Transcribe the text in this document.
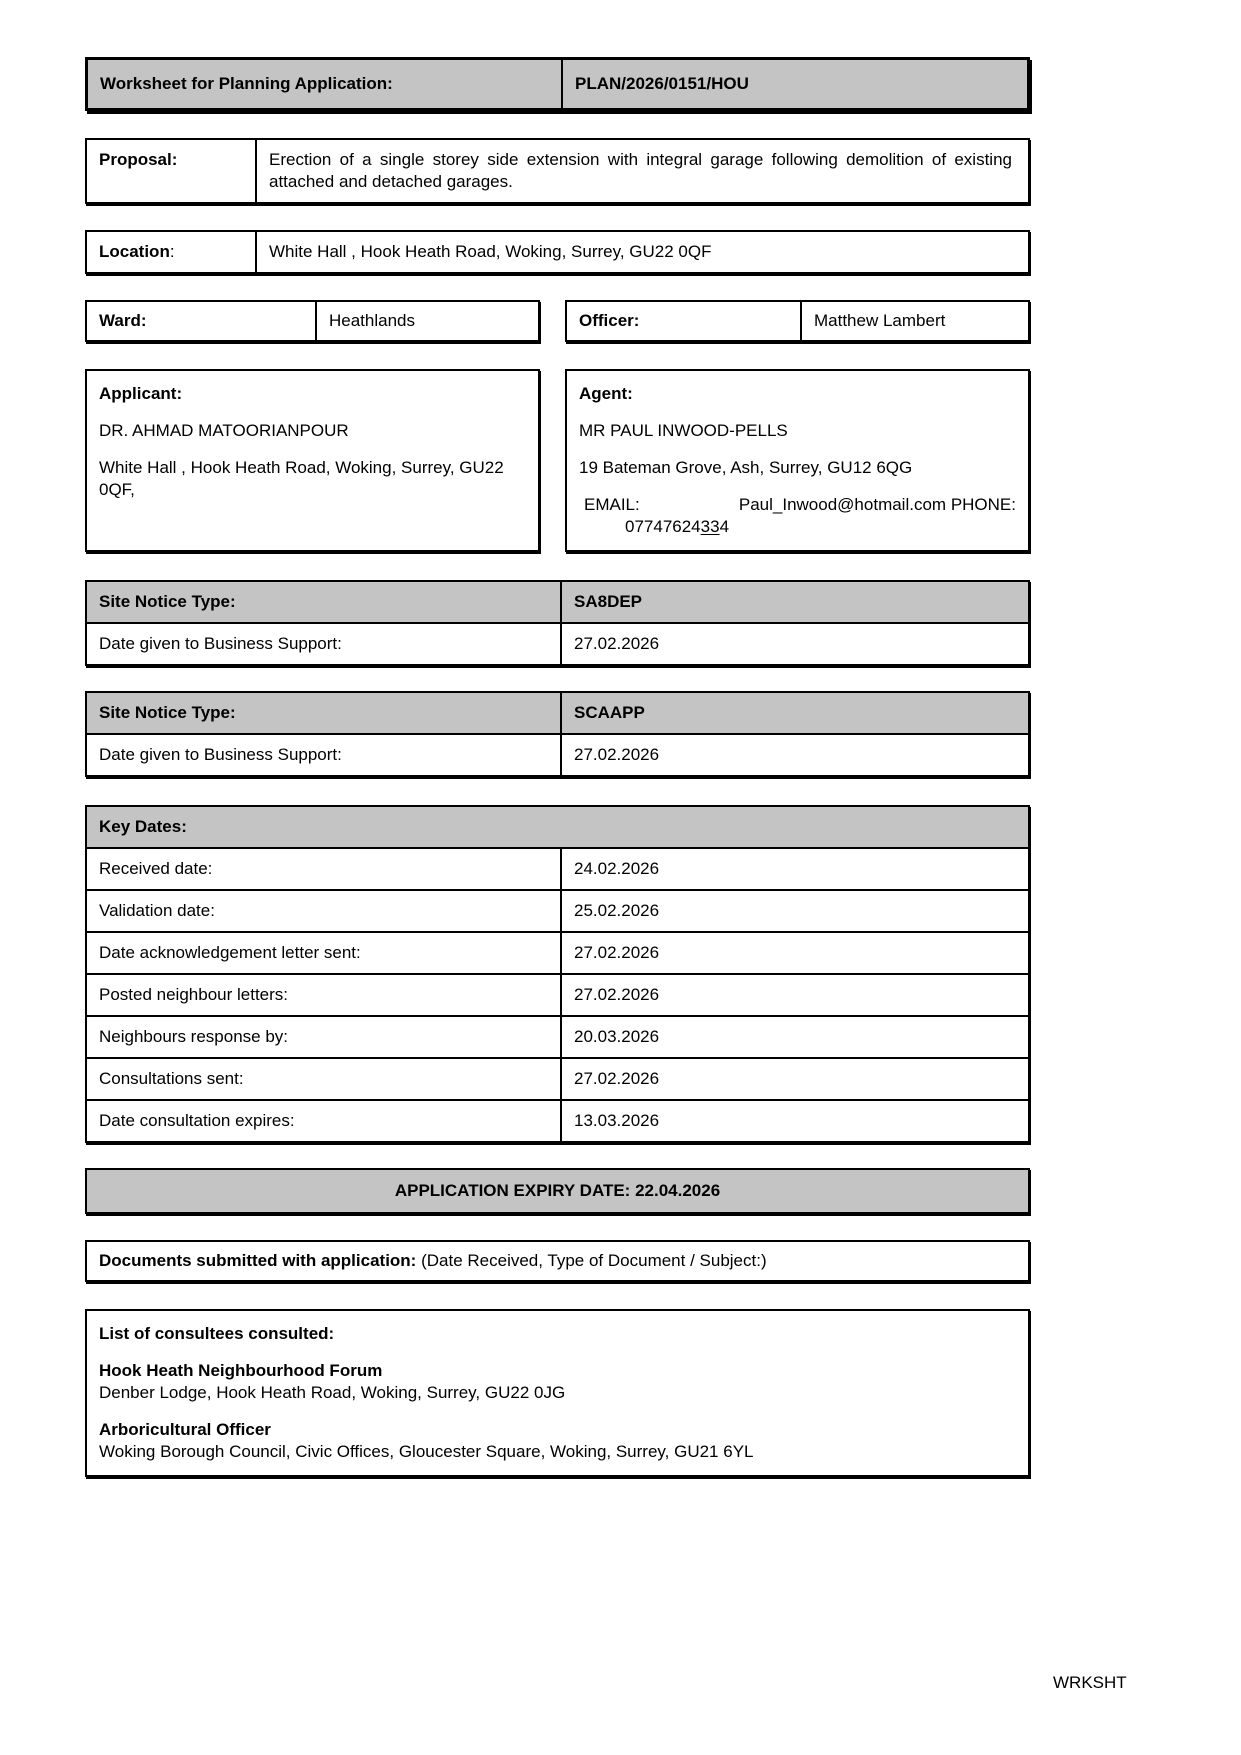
Worksheet for Planning Application:	PLAN/2026/0151/HOU
Proposal:	Erection of a single storey side extension with integral garage following demolition of existing attached and detached garages.
Location:	White Hall , Hook Heath Road, Woking, Surrey, GU22 0QF
Ward:	Heathlands	Officer:	Matthew Lambert
Applicant:
DR. AHMAD MATOORIANPOUR
White Hall , Hook Heath Road, Woking, Surrey, GU22 0QF,
Agent:
MR PAUL INWOOD-PELLS
19 Bateman Grove, Ash, Surrey, GU12 6QG
EMAIL:	Paul_Inwood@hotmail.com PHONE:
07747624334
Site Notice Type:	SA8DEP
Date given to Business Support:	27.02.2026
Site Notice Type:	SCAAPP
Date given to Business Support:	27.02.2026
Key Dates:
Received date:	24.02.2026
Validation date:	25.02.2026
Date acknowledgement letter sent:	27.02.2026
Posted neighbour letters:	27.02.2026
Neighbours response by:	20.03.2026
Consultations sent:	27.02.2026
Date consultation expires:	13.03.2026
APPLICATION EXPIRY DATE: 22.04.2026
Documents submitted with application: (Date Received, Type of Document / Subject:)
List of consultees consulted:
Hook Heath Neighbourhood Forum
Denber Lodge, Hook Heath Road, Woking, Surrey, GU22 0JG
Arboricultural Officer
Woking Borough Council, Civic Offices, Gloucester Square, Woking, Surrey, GU21 6YL
WRKSHT
